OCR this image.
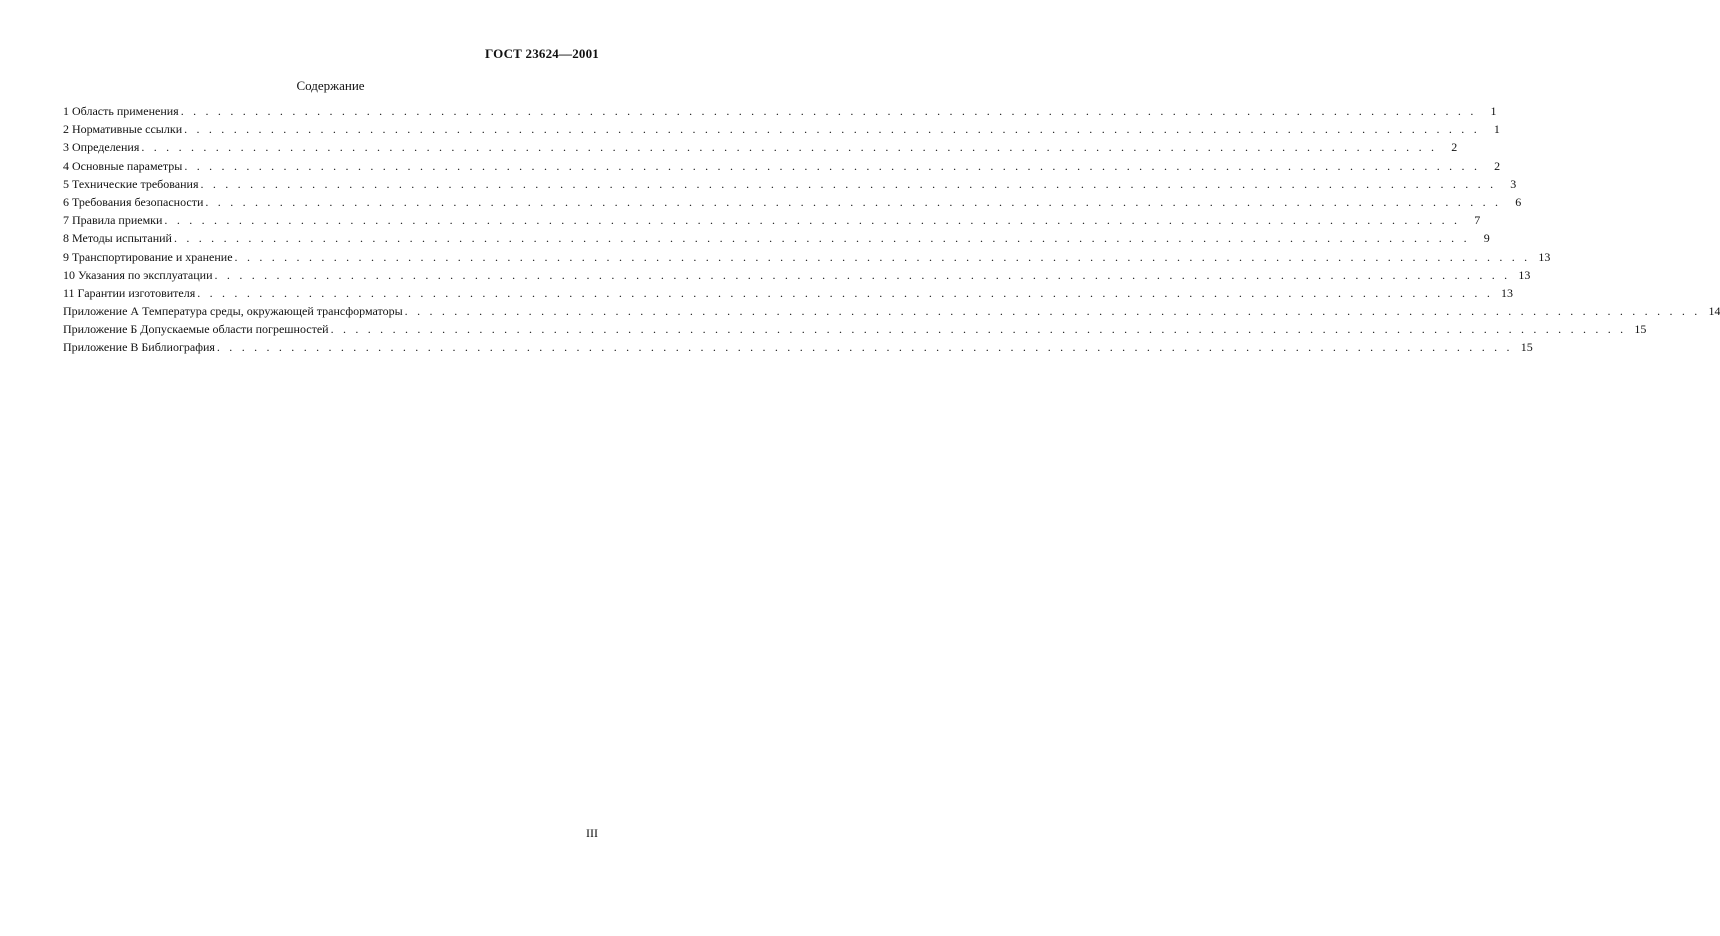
ГОСТ 23624—2001
Содержание
1 Область применения . . . . . . . . . . . . . . . . . . . . . . . . . . . . . . . . . . . . . . . . . . . . . . . . . . . . . . . . . . . . . . . . . . . . . . . . . . . . . . . . . . . . . . . . . . . . . . . . . . . . . . . . .	1
2 Нормативные ссылки . . . . . . . . . . . . . . . . . . . . . . . . . . . . . . . . . . . . . . . . . . . . . . . . . . . . . . . . . . . . . . . . . . . . . . . . . . . . . . . . . . . . . . . . . . . . . . . . . . . . . . . . .	1
3 Определения . . . . . . . . . . . . . . . . . . . . . . . . . . . . . . . . . . . . . . . . . . . . . . . . . . . . . . . . . . . . . . . . . . . . . . . . . . . . . . . . . . . . . . . . . . . . . . . . . . . . . . . . .	2
4 Основные параметры . . . . . . . . . . . . . . . . . . . . . . . . . . . . . . . . . . . . . . . . . . . . . . . . . . . . . . . . . . . . . . . . . . . . . . . . . . . . . . . . . . . . . . . . . . . . . . . . . . . . . . . . .	2
5 Технические требования . . . . . . . . . . . . . . . . . . . . . . . . . . . . . . . . . . . . . . . . . . . . . . . . . . . . . . . . . . . . . . . . . . . . . . . . . . . . . . . . . . . . . . . . . . . . . . . . . . . . . . . . .	3
6 Требования безопасности . . . . . . . . . . . . . . . . . . . . . . . . . . . . . . . . . . . . . . . . . . . . . . . . . . . . . . . . . . . . . . . . . . . . . . . . . . . . . . . . . . . . . . . . . . . . . . . . . . . . . . . . .	6
7 Правила приемки . . . . . . . . . . . . . . . . . . . . . . . . . . . . . . . . . . . . . . . . . . . . . . . . . . . . . . . . . . . . . . . . . . . . . . . . . . . . . . . . . . . . . . . . . . . . . . . . . . . . . . . . .	7
8 Методы испытаний . . . . . . . . . . . . . . . . . . . . . . . . . . . . . . . . . . . . . . . . . . . . . . . . . . . . . . . . . . . . . . . . . . . . . . . . . . . . . . . . . . . . . . . . . . . . . . . . . . . . . . . . .	9
9 Транспортирование и хранение . . . . . . . . . . . . . . . . . . . . . . . . . . . . . . . . . . . . . . . . . . . . . . . . . . . . . . . . . . . . . . . . . . . . . . . . . . . . . . . . . . . . . . . . . . . . . . . . . . . . . . . . . 13
10 Указания по эксплуатации . . . . . . . . . . . . . . . . . . . . . . . . . . . . . . . . . . . . . . . . . . . . . . . . . . . . . . . . . . . . . . . . . . . . . . . . . . . . . . . . . . . . . . . . . . . . . . . . . . . . . . . . . 13
11 Гарантии изготовителя . . . . . . . . . . . . . . . . . . . . . . . . . . . . . . . . . . . . . . . . . . . . . . . . . . . . . . . . . . . . . . . . . . . . . . . . . . . . . . . . . . . . . . . . . . . . . . . . . . . . . . . . . 13
Приложение А Температура среды, окружающей трансформаторы . . . . . . . . . . . . . . . . . . . . . . . . . . . . . . . . . . . . . . . . . . . . . . . . . . . . . . . . . . . . . . . . . . . . . . . . . . . . . . . . . . . . . . . . . . . . . . . . . . . . . . . . . 14
Приложение Б Допускаемые области погрешностей . . . . . . . . . . . . . . . . . . . . . . . . . . . . . . . . . . . . . . . . . . . . . . . . . . . . . . . . . . . . . . . . . . . . . . . . . . . . . . . . . . . . . . . . . . . . . . . . . . . . . . . . . 15
Приложение В Библиография . . . . . . . . . . . . . . . . . . . . . . . . . . . . . . . . . . . . . . . . . . . . . . . . . . . . . . . . . . . . . . . . . . . . . . . . . . . . . . . . . . . . . . . . . . . . . . . . . . . . . . . . . 15
III
